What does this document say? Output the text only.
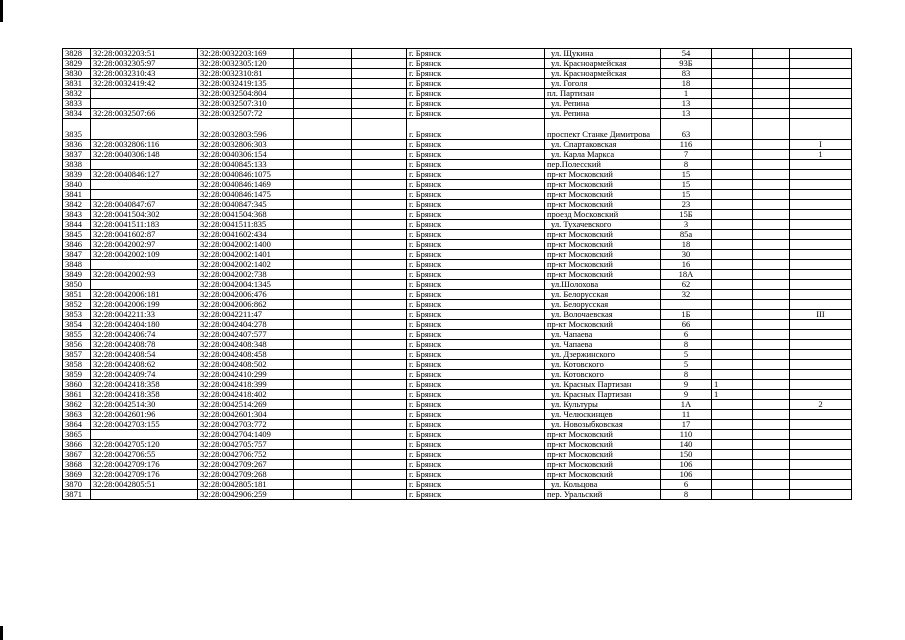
3828	32:28:0032203:51	32:28:0032203:169			г. Брянск	ул. Щукина	54			
3829	32:28:0032305:97	32:28:0032305:120			г. Брянск	ул. Красноармейская	93Б			
3830	32:28:0032310:43	32:28:0032310:81			г. Брянск	ул. Красноармейская	83			
3831	32:28:0032419:42	32:28:0032419:135			г. Брянск	ул. Гоголя	18			
3832		32:28:0032504:804			г. Брянск	пл. Партизан	1			
3833		32:28:0032507:310			г. Брянск	ул. Репина	13			
3834	32:28:0032507:66	32:28:0032507:72			г. Брянск	ул. Репина	13			
3835		32:28:0032803:596			г. Брянск	проспект Станке Димитрова	63			
3836	32:28:0032806:116	32:28:0032806:303			г. Брянск	ул. Спартаковская	116			I
3837	32:28:0040306:148	32:28:0040306:154			г. Брянск	ул. Карла Маркса	7			1
3838		32:28:0040845:133			г. Брянск	пер.Полесский	8			
3839	32:28:0040846:127	32:28:0040846:1075			г. Брянск	пр-кт Московский	15			
3840		32:28:0040846:1469			г. Брянск	пр-кт Московский	15			
3841		32:28:0040846:1475			г. Брянск	пр-кт Московский	15			
3842	32:28:0040847:67	32:28:0040847:345			г. Брянск	пр-кт Московский	23			
3843	32:28:0041504:302	32:28:0041504:368			г. Брянск	проезд Московский	15Б			
3844	32:28:0041511:183	32:28:0041511:835			г. Брянск	ул. Тухачевского	3			
3845	32:28:0041602:87	32:28:0041602:434			г. Брянск	пр-кт Московский	85а			
3846	32:28:0042002:97	32:28:0042002:1400			г. Брянск	пр-кт Московский	18			
3847	32:28:0042002:109	32:28:0042002:1401			г. Брянск	пр-кт Московский	30			
3848		32:28:0042002:1402			г. Брянск	пр-кт Московский	16			
3849	32:28:0042002:93	32:28:0042002:738			г. Брянск	пр-кт Московский	18А			
3850		32:28:0042004:1345			г. Брянск	ул.Шолохова	62			
3851	32:28:0042006:181	32:28:0042006:476			г. Брянск	ул. Белорусская	32			
3852	32:28:0042006:199	32:28:0042006:862			г. Брянск	ул. Белорусская				
3853	32:28:0042211:33	32:28:0042211:47			г. Брянск	ул. Волочаевская	1Б			III
3854	32:28:0042404:180	32:28:0042404:278			г. Брянск	пр-кт Московский	66			
3855	32:28:0042406:74	32:28:0042407:577			г. Брянск	ул. Чапаева	6			
3856	32:28:0042408:78	32:28:0042408:348			г. Брянск	ул. Чапаева	8			
3857	32:28:0042408:54	32:28:0042408:458			г. Брянск	ул. Дзержинского	5			
3858	32:28:0042408:62	32:28:0042408:502			г. Брянск	ул. Котовского	5			
3859	32:28:0042409:74	32:28:0042410:299			г. Брянск	ул. Котовского	8			
3860	32:28:0042418:358	32:28:0042418:399			г. Брянск	ул. Красных Партизан	9	1		
3861	32:28:0042418:358	32:28:0042418:402			г. Брянск	ул. Красных Партизан	9	1		
3862	32:28:0042514:30	32:28:0042514:269			г. Брянск	ул. Культуры	1А			2
3863	32:28:0042601:96	32:28:0042601:304			г. Брянск	ул. Челюскинцев	11			
3864	32:28:0042703:155	32:28:0042703:772			г. Брянск	ул. Новозыбковская	17			
3865		32:28:0042704:1409			г. Брянск	пр-кт Московский	110			
3866	32:28:0042705:120	32:28:0042705:757			г. Брянск	пр-кт Московский	140			
3867	32:28:0042706:55	32:28:0042706:752			г. Брянск	пр-кт Московский	150			
3868	32:28:0042709:176	32:28:0042709:267			г. Брянск	пр-кт Московский	106			
3869	32:28:0042709:176	32:28:0042709:268			г. Брянск	пр-кт Московский	106			
3870	32:28:0042805:51	32:28:0042805:181			г. Брянск	ул. Кольцова	6			
3871		32:28:0042906:259			г. Брянск	пер. Уральский	8			
